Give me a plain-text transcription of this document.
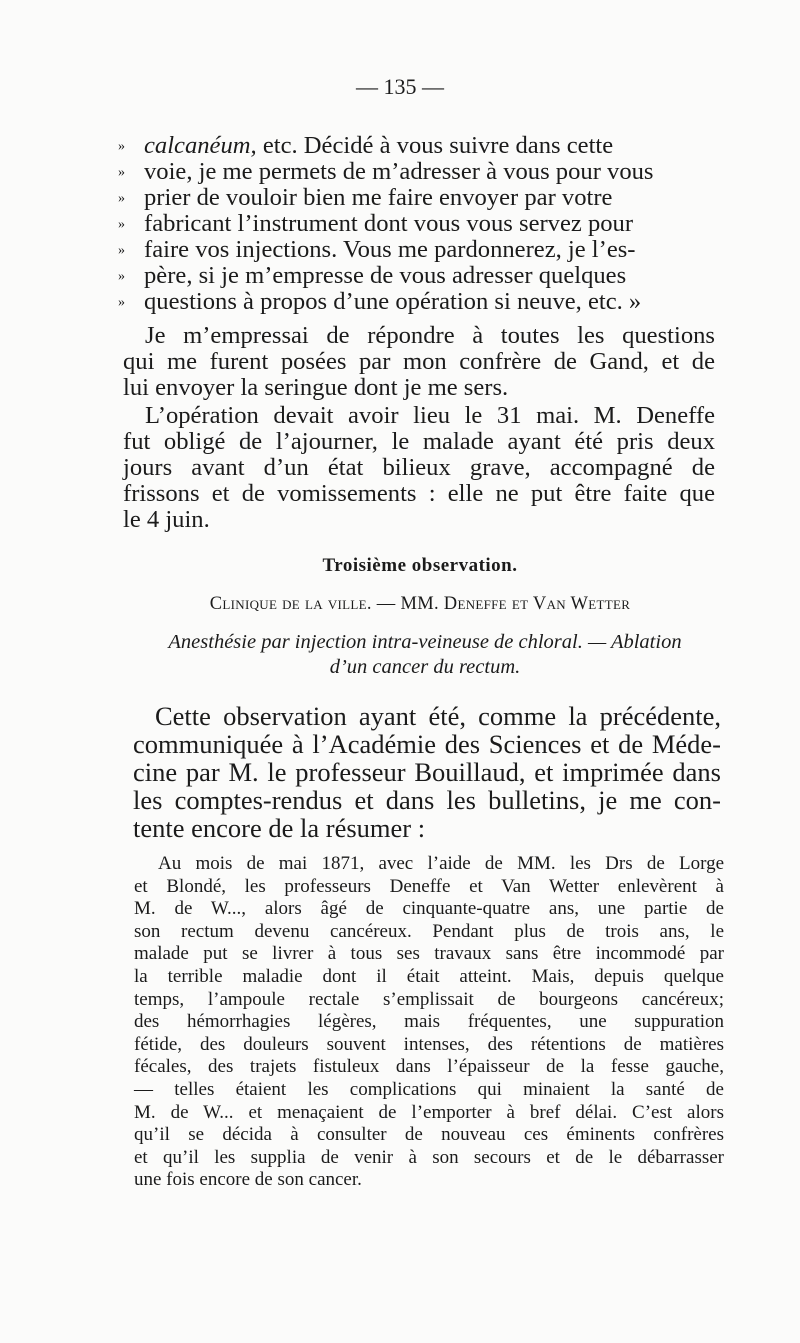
— 135 —
» calcanéum, etc. Décidé à vous suivre dans cette
» voie, je me permets de m’adresser à vous pour vous
» prier de vouloir bien me faire envoyer par votre
» fabricant l’instrument dont vous vous servez pour
» faire vos injections. Vous me pardonnerez, je l’es-
» père, si je m’empresse de vous adresser quelques
» questions à propos d’une opération si neuve, etc. »
Je m’empressai de répondre à toutes les questions
qui me furent posées par mon confrère de Gand, et de
lui envoyer la seringue dont je me sers.
L’opération devait avoir lieu le 31 mai. M. Deneffe
fut obligé de l’ajourner, le malade ayant été pris deux
jours avant d’un état bilieux grave, accompagné de
frissons et de vomissements : elle ne put être faite que
le 4 juin.
Troisième observation.
Clinique de la ville. — MM. Deneffe et Van Wetter
Anesthésie par injection intra-veineuse de chloral. — Ablation
d’un cancer du rectum.
Cette observation ayant été, comme la précédente,
communiquée à l’Académie des Sciences et de Méde-
cine par M. le professeur Bouillaud, et imprimée dans
les comptes-rendus et dans les bulletins, je me con-
tente encore de la résumer :
Au mois de mai 1871, avec l’aide de MM. les Drs de Lorge
et Blondé, les professeurs Deneffe et Van Wetter enlevèrent à
M. de W..., alors âgé de cinquante-quatre ans, une partie de
son rectum devenu cancéreux. Pendant plus de trois ans, le
malade put se livrer à tous ses travaux sans être incommodé par
la terrible maladie dont il était atteint. Mais, depuis quelque
temps, l’ampoule rectale s’emplissait de bourgeons cancéreux;
des hémorrhagies légères, mais fréquentes, une suppuration
fétide, des douleurs souvent intenses, des rétentions de matières
fécales, des trajets fistuleux dans l’épaisseur de la fesse gauche,
— telles étaient les complications qui minaient la santé de
M. de W... et menaçaient de l’emporter à bref délai. C’est alors
qu’il se décida à consulter de nouveau ces éminents confrères
et qu’il les supplia de venir à son secours et de le débarrasser
une fois encore de son cancer.
